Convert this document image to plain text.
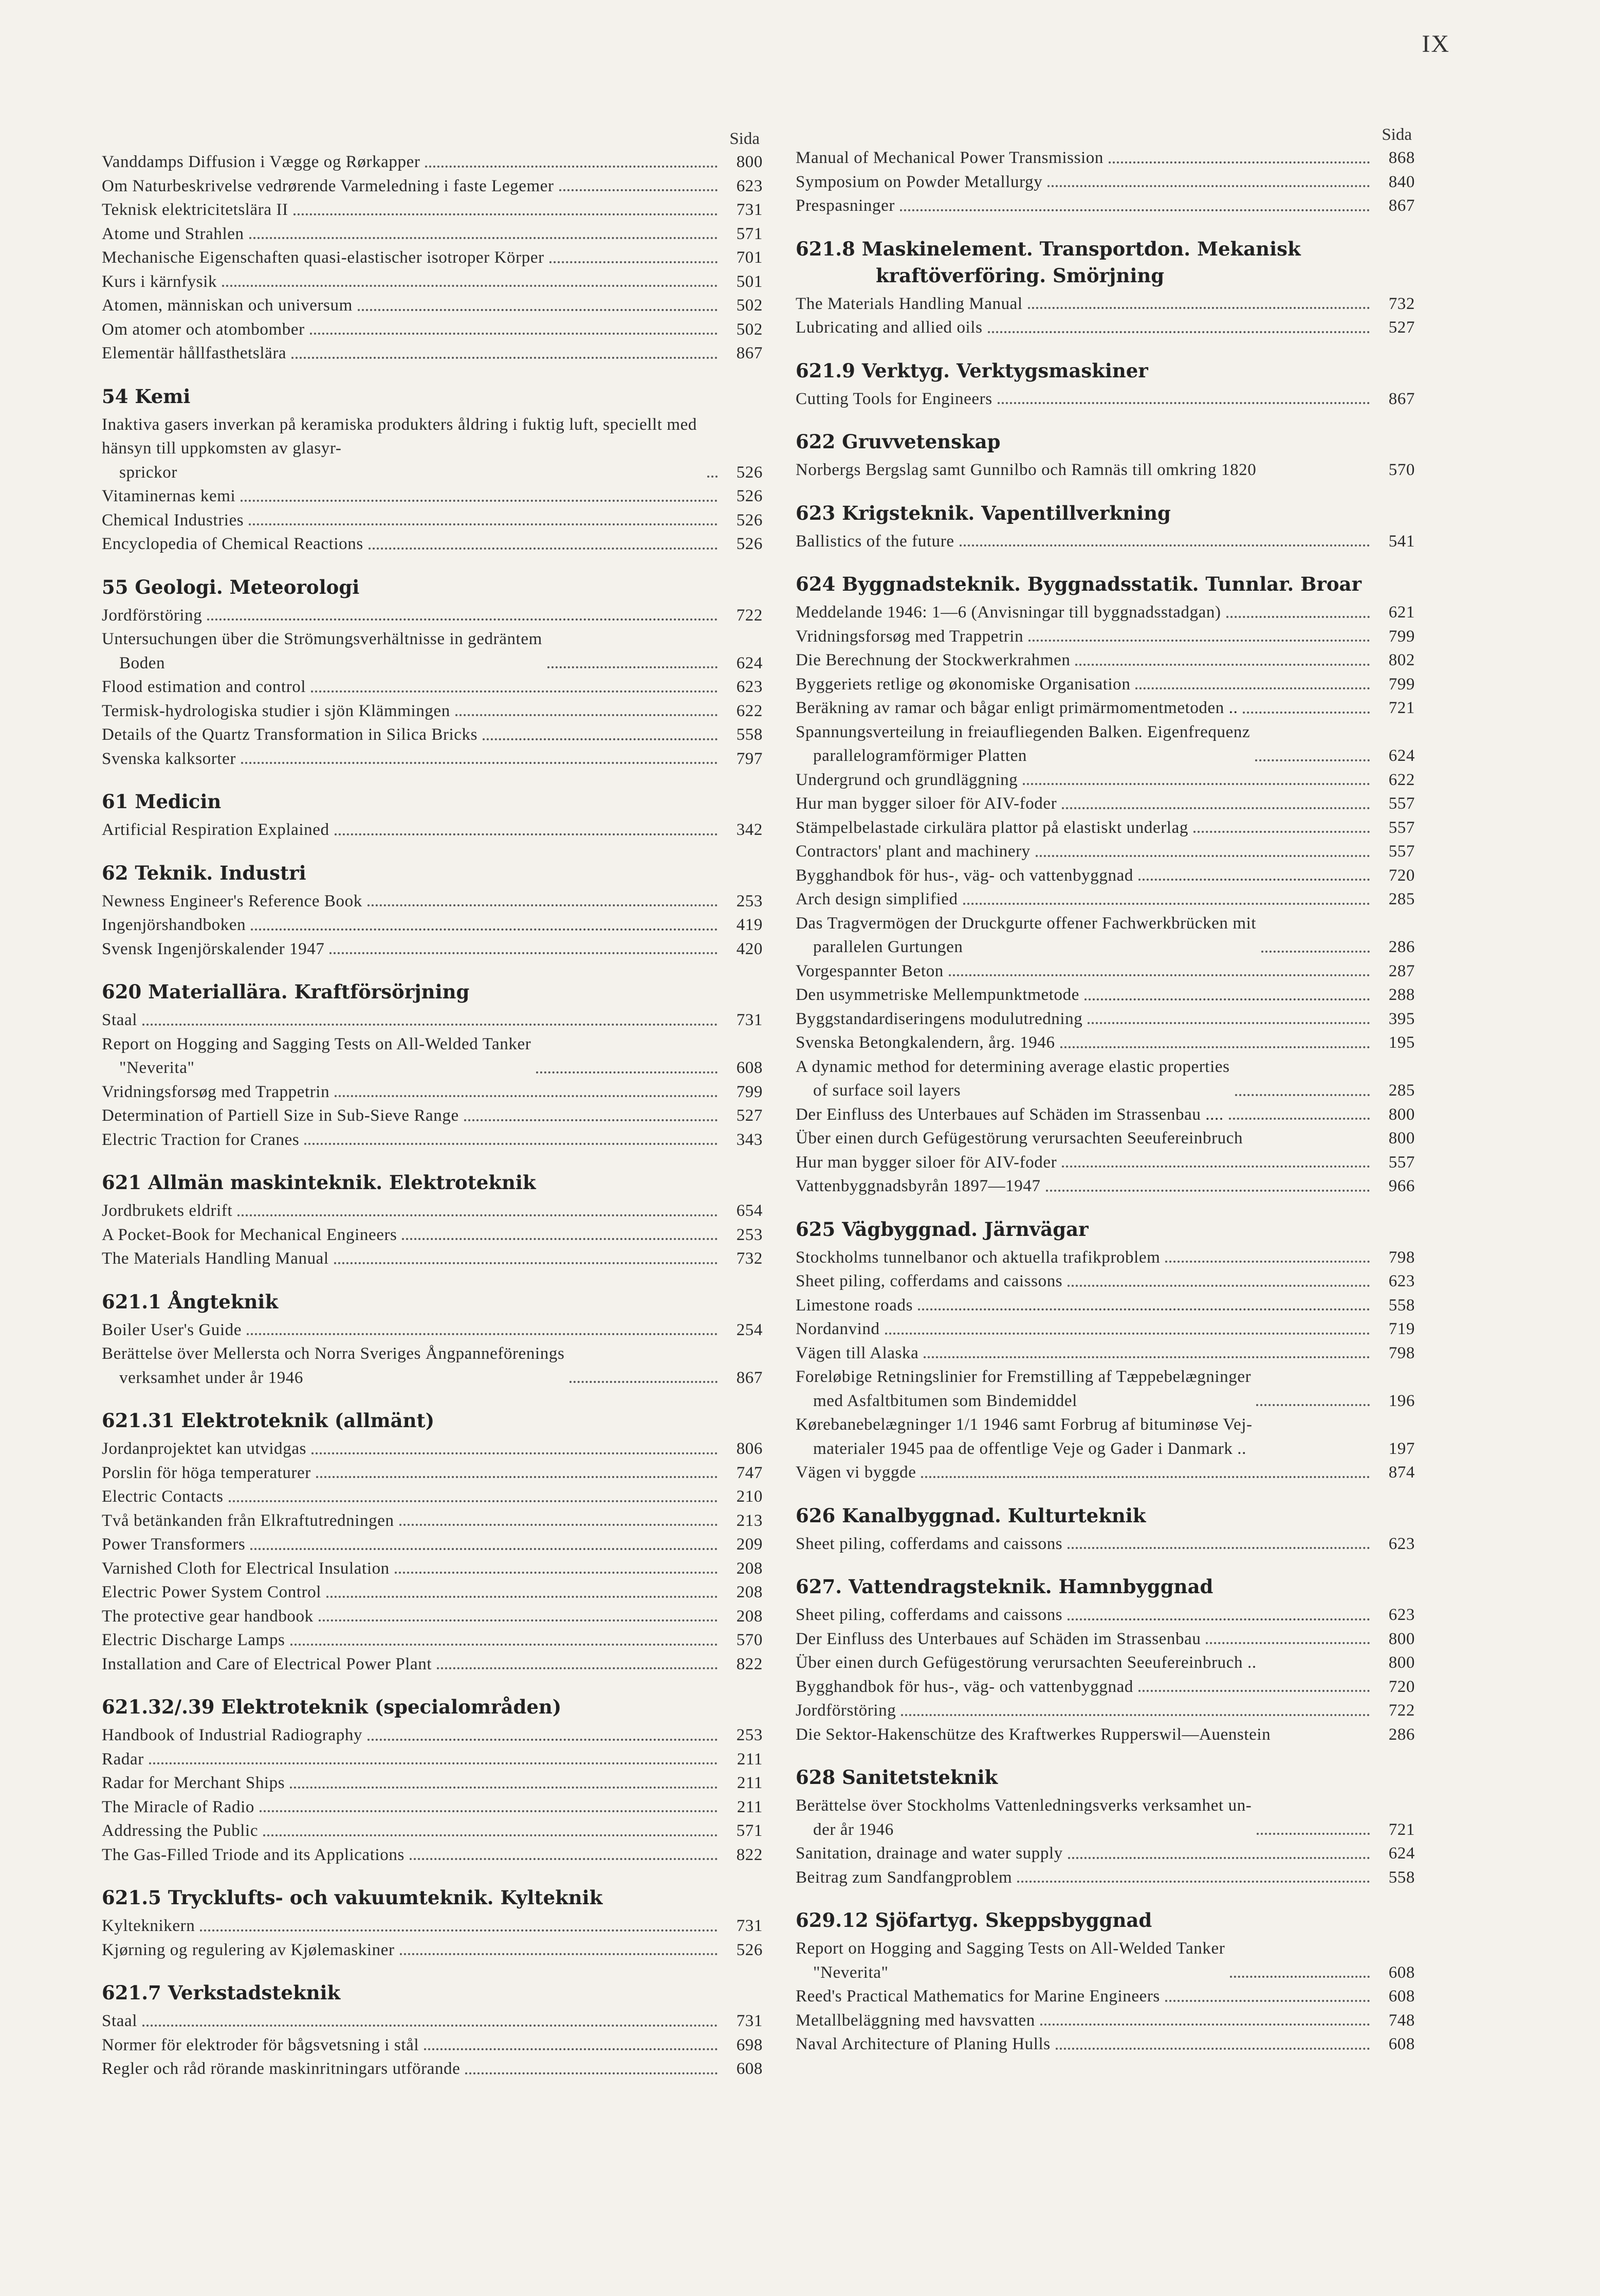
IX
Sida
Vanddamps Diffusion i Vægge og Rørkapper	800
Om Naturbeskrivelse vedrørende Varmeledning i faste Legemer	623
Teknisk elektricitetslära II	731
Atome und Strahlen	571
Mechanische Eigenschaften quasi-elastischer isotroper Körper	701
Kurs i kärnfysik	501
Atomen, människan och universum	502
Om atomer och atombomber	502
Elementär hållfasthetslära	867
54 Kemi
Inaktiva gasers inverkan på keramiska produkters åldring i fuktig luft, speciellt med hänsyn till uppkomsten av glasyr-
sprickor	526
Vitaminernas kemi	526
Chemical Industries	526
Encyclopedia of Chemical Reactions	526
55 Geologi. Meteorologi
Jordförstöring	722
Untersuchungen über die Strömungsverhältnisse in gedräntem
Boden	624
Flood estimation and control	623
Termisk-hydrologiska studier i sjön Klämmingen	622
Details of the Quartz Transformation in Silica Bricks	558
Svenska kalksorter	797
61 Medicin
Artificial Respiration Explained	342
62 Teknik. Industri
Newness Engineer's Reference Book	253
Ingenjörshandboken	419
Svensk Ingenjörskalender 1947	420
620 Materiallära. Kraftförsörjning
Staal	731
Report on Hogging and Sagging Tests on All-Welded Tanker
"Neverita"	608
Vridningsforsøg med Trappetrin	799
Determination of Partiell Size in Sub-Sieve Range	527
Electric Traction for Cranes	343
621 Allmän maskinteknik. Elektroteknik
Jordbrukets eldrift	654
A Pocket-Book for Mechanical Engineers	253
The Materials Handling Manual	732
621.1 Ångteknik
Boiler User's Guide	254
Berättelse över Mellersta och Norra Sveriges Ångpanneförenings
verksamhet under år 1946	867
621.31 Elektroteknik (allmänt)
Jordanprojektet kan utvidgas	806
Porslin för höga temperaturer	747
Electric Contacts	210
Två betänkanden från Elkraftutredningen	213
Power Transformers	209
Varnished Cloth for Electrical Insulation	208
Electric Power System Control	208
The protective gear handbook	208
Electric Discharge Lamps	570
Installation and Care of Electrical Power Plant	822
621.32/.39 Elektroteknik (specialområden)
Handbook of Industrial Radiography	253
Radar	211
Radar for Merchant Ships	211
The Miracle of Radio	211
Addressing the Public	571
The Gas-Filled Triode and its Applications	822
621.5 Trycklufts- och vakuumteknik. Kylteknik
Kylteknikern	731
Kjørning og regulering av Kjølemaskiner	526
621.7 Verkstadsteknik
Staal	731
Normer för elektroder för bågsvetsning i stål	698
Regler och råd rörande maskinritningars utförande	608
Sida
Manual of Mechanical Power Transmission	868
Symposium on Powder Metallurgy	840
Prespasninger	867
621.8 Maskinelement. Transportdon. Mekanisk
kraftöverföring. Smörjning
The Materials Handling Manual	732
Lubricating and allied oils	527
621.9 Verktyg. Verktygsmaskiner
Cutting Tools for Engineers	867
622 Gruvvetenskap
Norbergs Bergslag samt Gunnilbo och Ramnäs till omkring 1820	570
623 Krigsteknik. Vapentillverkning
Ballistics of the future	541
624 Byggnadsteknik. Byggnadsstatik. Tunnlar. Broar
Meddelande 1946: 1—6 (Anvisningar till byggnadsstadgan)	621
Vridningsforsøg med Trappetrin	799
Die Berechnung der Stockwerkrahmen	802
Byggeriets retlige og økonomiske Organisation	799
Beräkning av ramar och bågar enligt primärmomentmetoden ..	721
Spannungsverteilung in freiaufliegenden Balken. Eigenfrequenz
parallelogramförmiger Platten	624
Undergrund och grundläggning	622
Hur man bygger siloer för AIV-foder	557
Stämpelbelastade cirkulära plattor på elastiskt underlag	557
Contractors' plant and machinery	557
Bygghandbok för hus-, väg- och vattenbyggnad	720
Arch design simplified	285
Das Tragvermögen der Druckgurte offener Fachwerkbrücken mit
parallelen Gurtungen	286
Vorgespannter Beton	287
Den usymmetriske Mellempunktmetode	288
Byggstandardiseringens modulutredning	395
Svenska Betongkalendern, årg. 1946	195
A dynamic method for determining average elastic properties
of surface soil layers	285
Der Einfluss des Unterbaues auf Schäden im Strassenbau ....	800
Über einen durch Gefügestörung verursachten Seeufereinbruch	800
Hur man bygger siloer för AIV-foder	557
Vattenbyggnadsbyrån 1897—1947	966
625 Vägbyggnad. Järnvägar
Stockholms tunnelbanor och aktuella trafikproblem	798
Sheet piling, cofferdams and caissons	623
Limestone roads	558
Nordanvind	719
Vägen till Alaska	798
Foreløbige Retningslinier for Fremstilling af Tæppebelægninger
med Asfaltbitumen som Bindemiddel	196
Kørebanebelægninger 1/1 1946 samt Forbrug af bituminøse Vej-
materialer 1945 paa de offentlige Veje og Gader i Danmark ..	197
Vägen vi byggde	874
626 Kanalbyggnad. Kulturteknik
Sheet piling, cofferdams and caissons	623
627. Vattendragsteknik. Hamnbyggnad
Sheet piling, cofferdams and caissons	623
Der Einfluss des Unterbaues auf Schäden im Strassenbau	800
Über einen durch Gefügestörung verursachten Seeufereinbruch ..	800
Bygghandbok för hus-, väg- och vattenbyggnad	720
Jordförstöring	722
Die Sektor-Hakenschütze des Kraftwerkes Rupperswil—Auenstein	286
628 Sanitetsteknik
Berättelse över Stockholms Vattenledningsverks verksamhet un-
der år 1946	721
Sanitation, drainage and water supply	624
Beitrag zum Sandfangproblem	558
629.12 Sjöfartyg. Skeppsbyggnad
Report on Hogging and Sagging Tests on All-Welded Tanker
"Neverita"	608
Reed's Practical Mathematics for Marine Engineers	608
Metallbeläggning med havsvatten	748
Naval Architecture of Planing Hulls	608
